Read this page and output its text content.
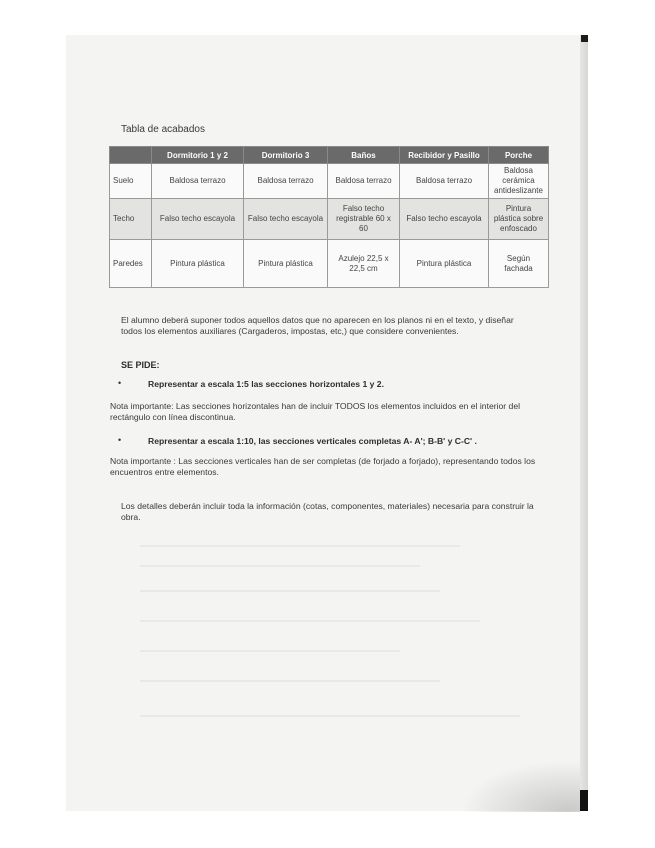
Tabla de acabados
	Dormitorio 1 y 2	Dormitorio 3	Baños	Recibidor y Pasillo	Porche
Suelo	Baldosa terrazo	Baldosa terrazo	Baldosa terrazo	Baldosa terrazo	Baldosa cerámica antideslizante
Techo	Falso techo escayola	Falso techo escayola	Falso techo registrable 60 x 60	Falso techo escayola	Pintura plástica sobre enfoscado
Paredes	Pintura plástica	Pintura plástica	Azulejo 22,5 x 22,5 cm	Pintura plástica	Según fachada
El alumno deberá suponer todos aquellos datos que no aparecen en los planos ni en el texto, y diseñar todos los elementos auxiliares (Cargaderos, impostas, etc,) que considere convenientes.
SE PIDE:
•	Representar a escala 1:5 las secciones horizontales 1 y 2.
Nota importante: Las secciones horizontales han de incluir TODOS los elementos incluidos en el interior del rectángulo con línea discontinua.
•	Representar a escala 1:10, las secciones verticales completas A- A'; B-B' y C-C' .
Nota importante : Las secciones verticales han de ser completas (de forjado a forjado), representando todos los encuentros entre elementos.
Los detalles deberán incluir toda la información (cotas, componentes, materiales) necesaria para construir la obra.
